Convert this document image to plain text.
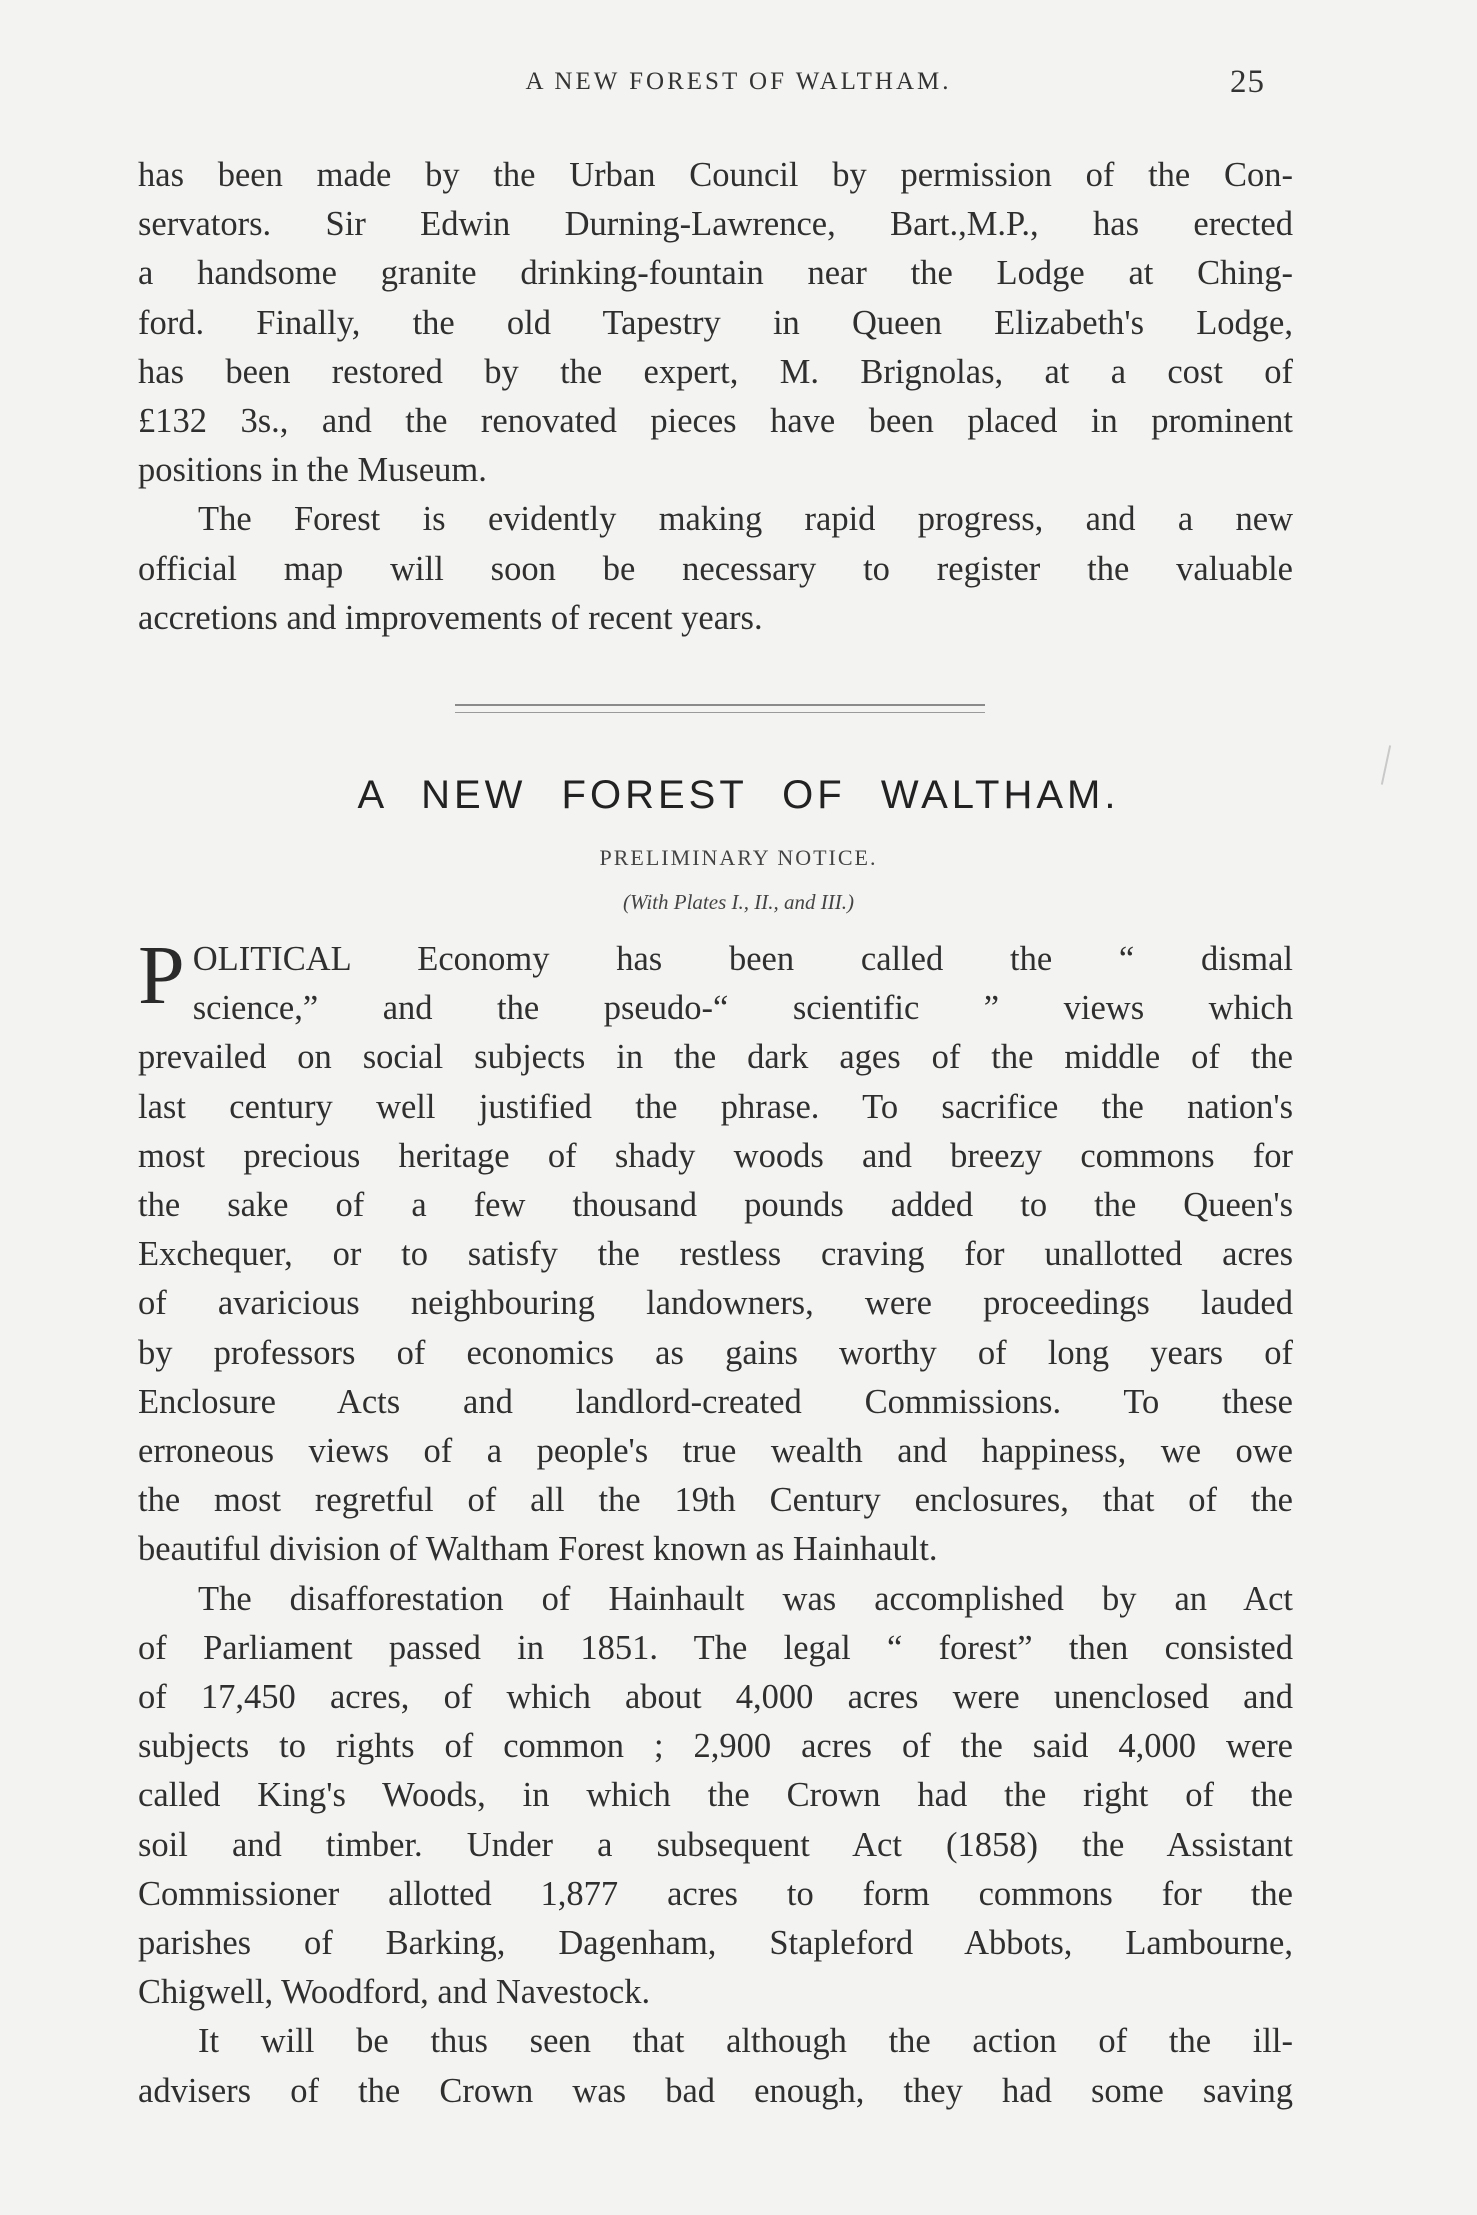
A NEW FOREST OF WALTHAM.	25

has been made by the Urban Council by permission of the Con-

servators. Sir Edwin Durning-Lawrence, Bart.,M.P., has erected

a handsome granite drinking-fountain near the Lodge at Ching-

ford. Finally, the old Tapestry in Queen Elizabeth's Lodge,

has been restored by the expert, M. Brignolas, at a cost of

£132 3s., and the renovated pieces have been placed in prominent

positions in the Museum.

The Forest is evidently making rapid progress, and a new

official map will soon be necessary to register the valuable

accretions and improvements of recent years.

A NEW FOREST OF WALTHAM.
PRELIMINARY NOTICE.
(With Plates I., II., and III.)
P OLITICAL Economy has been called the “ dismal

science,” and the pseudo-“ scientific ” views which

prevailed on social subjects in the dark ages of the middle of the

last century well justified the phrase. To sacrifice the nation's

most precious heritage of shady woods and breezy commons for

the sake of a few thousand pounds added to the Queen's

Exchequer, or to satisfy the restless craving for unallotted acres

of avaricious neighbouring landowners, were proceedings lauded

by professors of economics as gains worthy of long years of

Enclosure Acts and landlord-created Commissions. To these

erroneous views of a people's true wealth and happiness, we owe

the most regretful of all the 19th Century enclosures, that of the

beautiful division of Waltham Forest known as Hainhault.

The disafforestation of Hainhault was accomplished by an Act

of Parliament passed in 1851. The legal “ forest” then consisted

of 17,450 acres, of which about 4,000 acres were unenclosed and

subjects to rights of common ; 2,900 acres of the said 4,000 were

called King's Woods, in which the Crown had the right of the

soil and timber. Under a subsequent Act (1858) the Assistant

Commissioner allotted 1,877 acres to form commons for the

parishes of Barking, Dagenham, Stapleford Abbots, Lambourne,

Chigwell, Woodford, and Navestock.

It will be thus seen that although the action of the ill-

advisers of the Crown was bad enough, they had some saving
